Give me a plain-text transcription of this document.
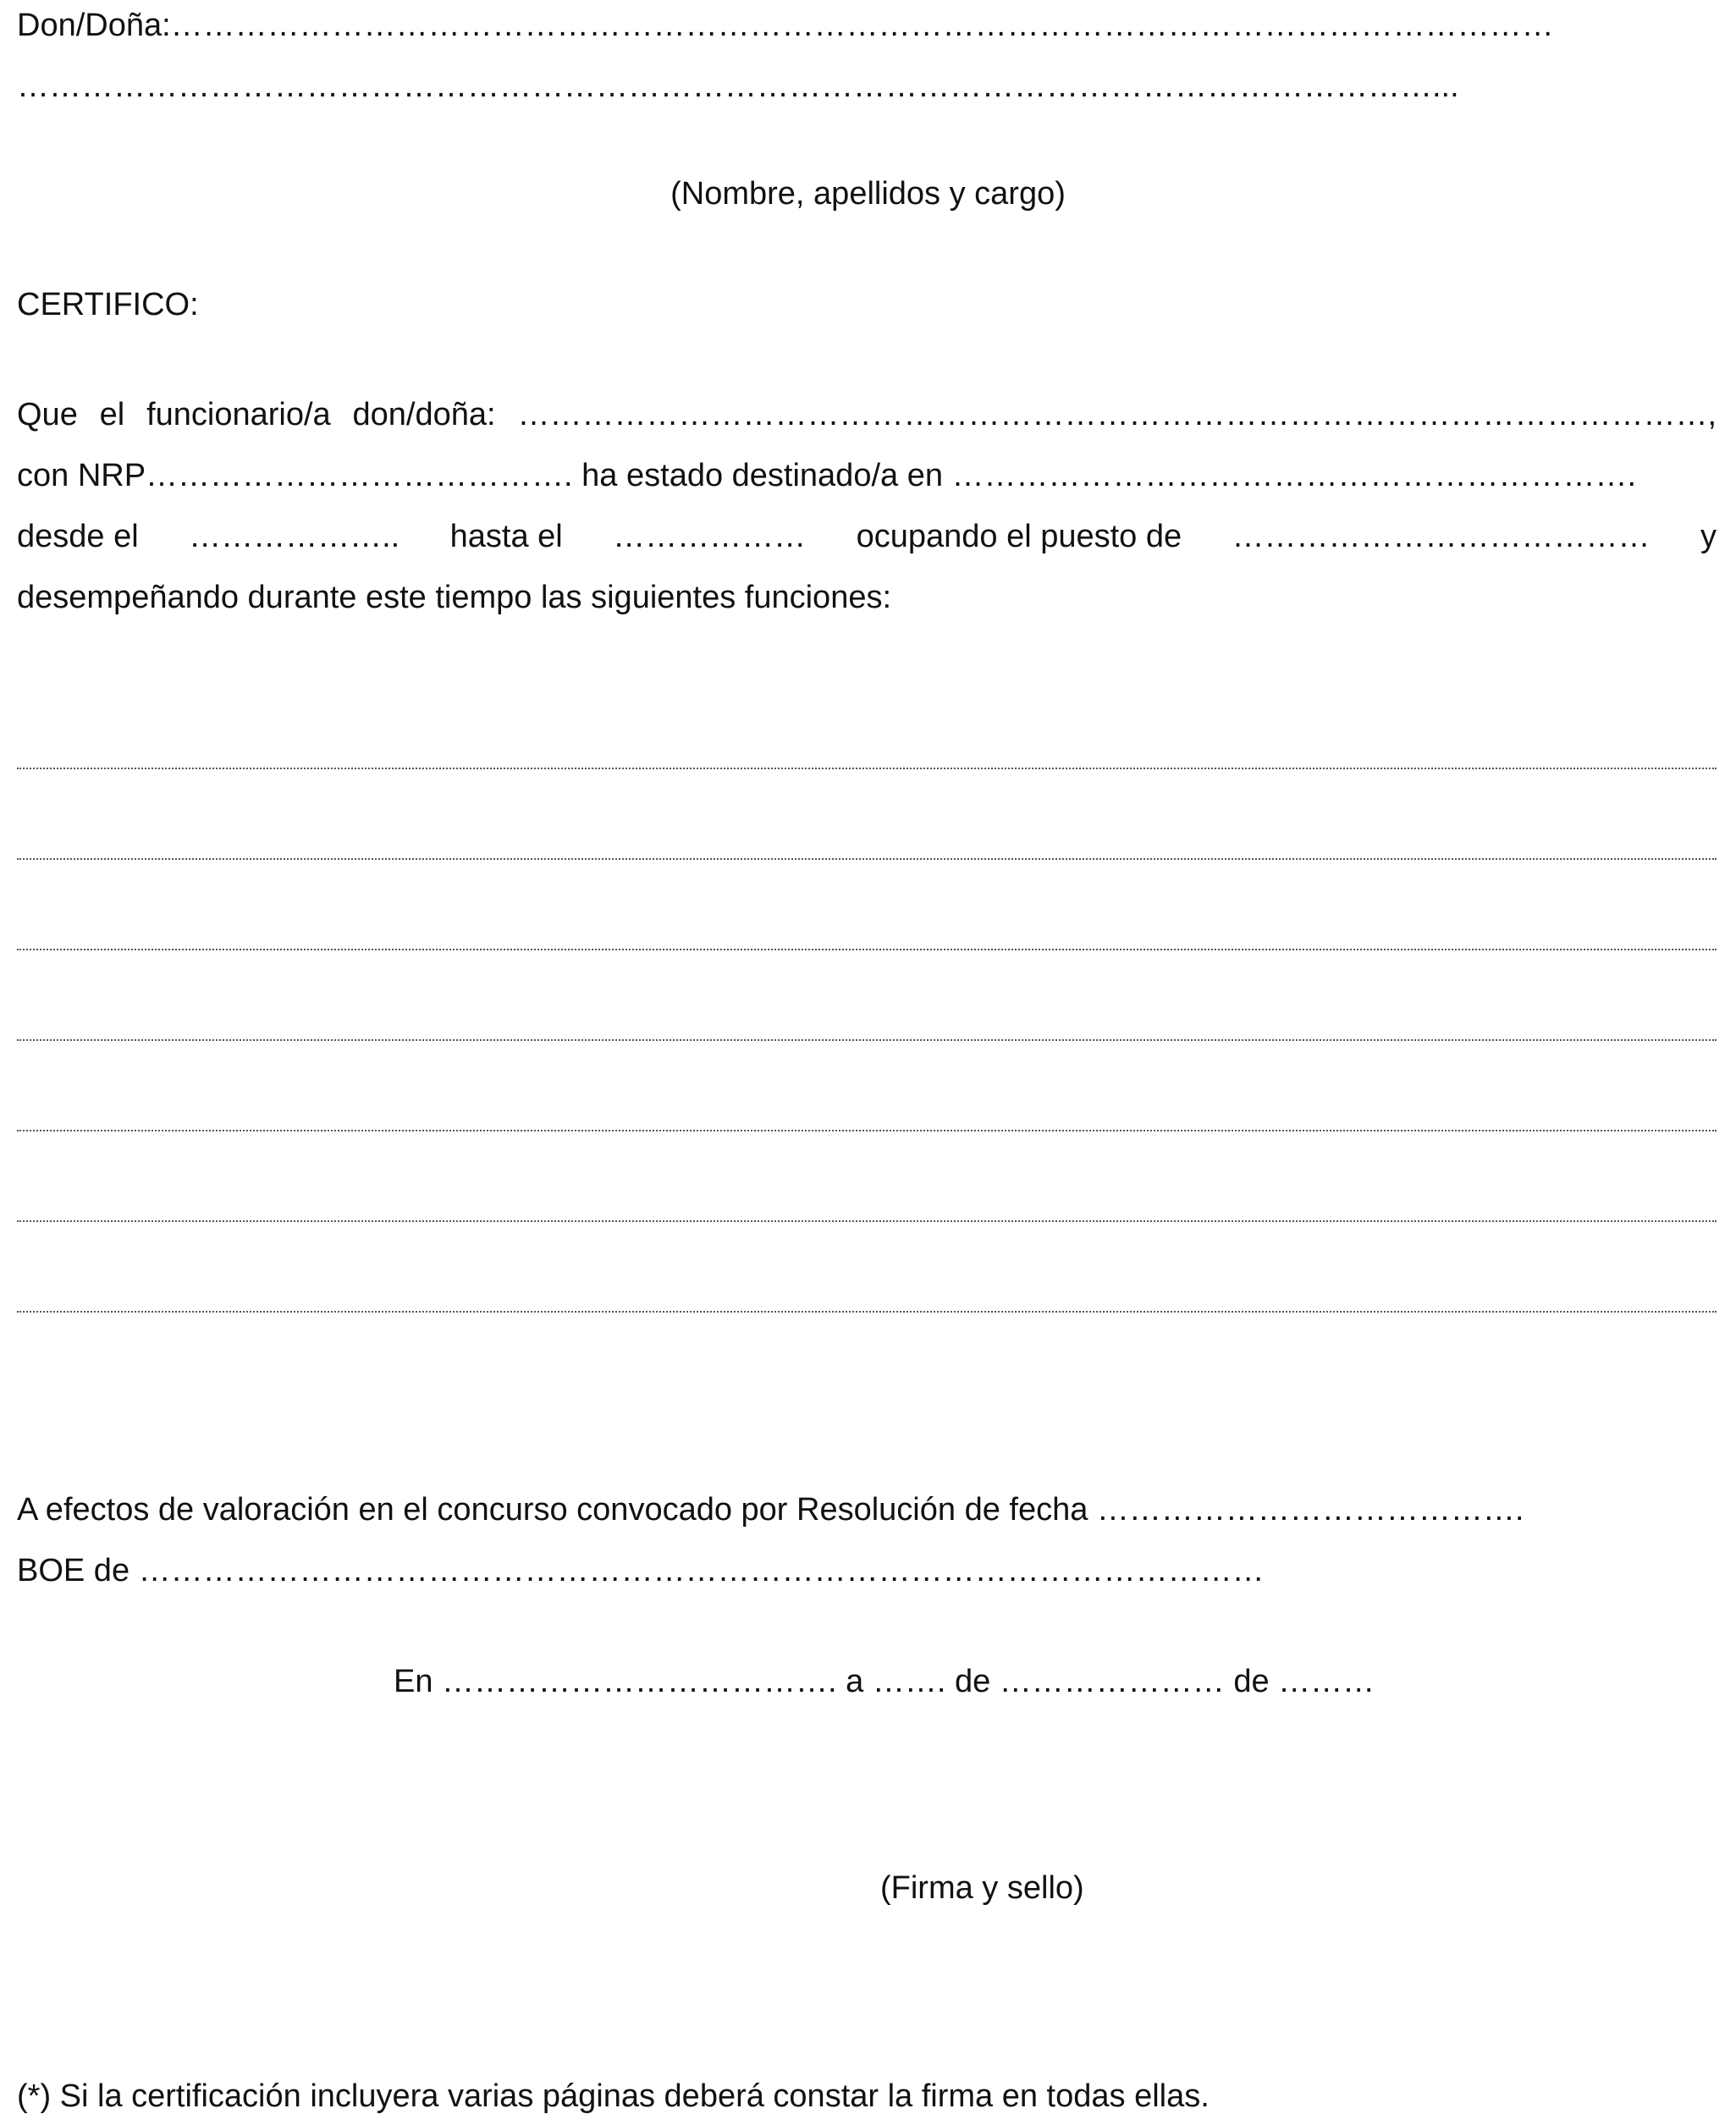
Don/Doña:…………………………………………………………………………………………………………………
……………………………………………………………………………………………………………………...
(Nombre, apellidos y cargo)
CERTIFICO:
Que el funcionario/a don/doña: …………………………………………………………………………………………………,
con NRP…………………………………. ha estado destinado/a en ……………………………………………………….
desde el ……………….. hasta el ……………… ocupando el puesto de ………………………………… y
desempeñando durante este tiempo las siguientes funciones:
A efectos de valoración en el concurso convocado por Resolución de fecha ………………………………….
BOE de ……………………………………………………………………………………………
En ………………………………. a ……. de ………………… de ………
(Firma y sello)
(*) Si la certificación incluyera varias páginas deberá constar la firma en todas ellas.
